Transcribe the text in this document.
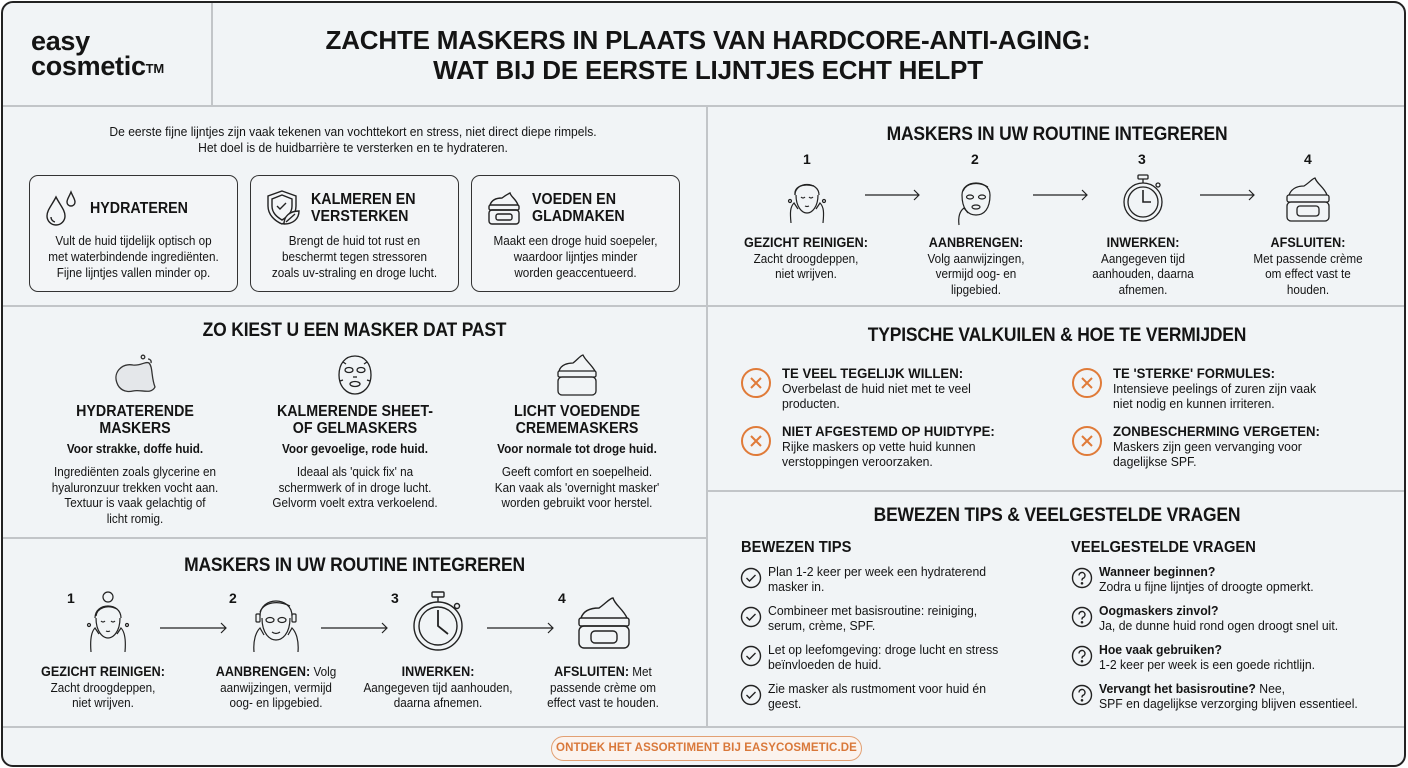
easy
cosmetic™
ZACHTE MASKERS IN PLAATS VAN HARDCORE-ANTI-AGING:
WAT BIJ DE EERSTE LIJNTJES ECHT HELPT
De eerste fijne lijntjes zijn vaak tekenen van vochttekort en stress, niet direct diepe rimpels.
Het doel is de huidbarrière te versterken en te hydrateren.
HYDRATEREN
Vult de huid tijdelijk optisch op
met waterbindende ingrediënten.
Fijne lijntjes vallen minder op.
KALMEREN EN
VERSTERKEN
Brengt de huid tot rust en
beschermt tegen stressoren
zoals uv-straling en droge lucht.
VOEDEN EN
GLADMAKEN
Maakt een droge huid soepeler,
waardoor lijntjes minder
worden geaccentueerd.
ZO KIEST U EEN MASKER DAT PAST
HYDRATERENDE
MASKERS
Voor strakke, doffe huid.
Ingrediënten zoals glycerine en
hyaluronzuur trekken vocht aan.
Textuur is vaak gelachtig of
licht romig.
KALMERENDE SHEET-
OF GELMASKERS
Voor gevoelige, rode huid.
Ideaal als 'quick fix' na
schermwerk of in droge lucht.
Gelvorm voelt extra verkoelend.
LICHT VOEDENDE
CREMEMASKERS
Voor normale tot droge huid.
Geeft comfort en soepelheid.
Kan vaak als 'overnight masker'
worden gebruikt voor herstel.
MASKERS IN UW ROUTINE INTEGREREN
1
GEZICHT REINIGEN:
Zacht droogdeppen,
niet wrijven.
2
AANBRENGEN:
Volg aanwijzingen,
vermijd oog- en
lipgebied.
3
INWERKEN:
Aangegeven tijd
aanhouden, daarna
afnemen.
4
AFSLUITEN:
Met passende crème
om effect vast te
houden.
TYPISCHE VALKUILEN & HOE TE VERMIJDEN
TE VEEL TEGELIJK WILLEN:
Overbelast de huid niet met te veel
producten.
TE 'STERKE' FORMULES:
Intensieve peelings of zuren zijn vaak
niet nodig en kunnen irriteren.
NIET AFGESTEMD OP HUIDTYPE:
Rijke maskers op vette huid kunnen
verstoppingen veroorzaken.
ZONBESCHERMING VERGETEN:
Maskers zijn geen vervanging voor
dagelijkse SPF.
MASKERS IN UW ROUTINE INTEGREREN
1
GEZICHT REINIGEN:
Zacht droogdeppen,
niet wrijven.
2
AANBRENGEN: Volg
aanwijzingen, vermijd
oog- en lipgebied.
3
INWERKEN:
Aangegeven tijd aanhouden,
daarna afnemen.
4
AFSLUITEN: Met
passende crème om
effect vast te houden.
BEWEZEN TIPS & VEELGESTELDE VRAGEN
BEWEZEN TIPS	VEELGESTELDE VRAGEN
Plan 1-2 keer per week een hydraterend
masker in.
Combineer met basisroutine: reiniging,
serum, crème, SPF.
Let op leefomgeving: droge lucht en stress
beïnvloeden de huid.
Zie masker als rustmoment voor huid én
geest.
Wanneer beginnen?
Zodra u fijne lijntjes of droogte opmerkt.
Oogmaskers zinvol?
Ja, de dunne huid rond ogen droogt snel uit.
Hoe vaak gebruiken?
1-2 keer per week is een goede richtlijn.
Vervangt het basisroutine? Nee,
SPF en dagelijkse verzorging blijven essentieel.
ONTDEK HET ASSORTIMENT BIJ EASYCOSMETIC.DE
